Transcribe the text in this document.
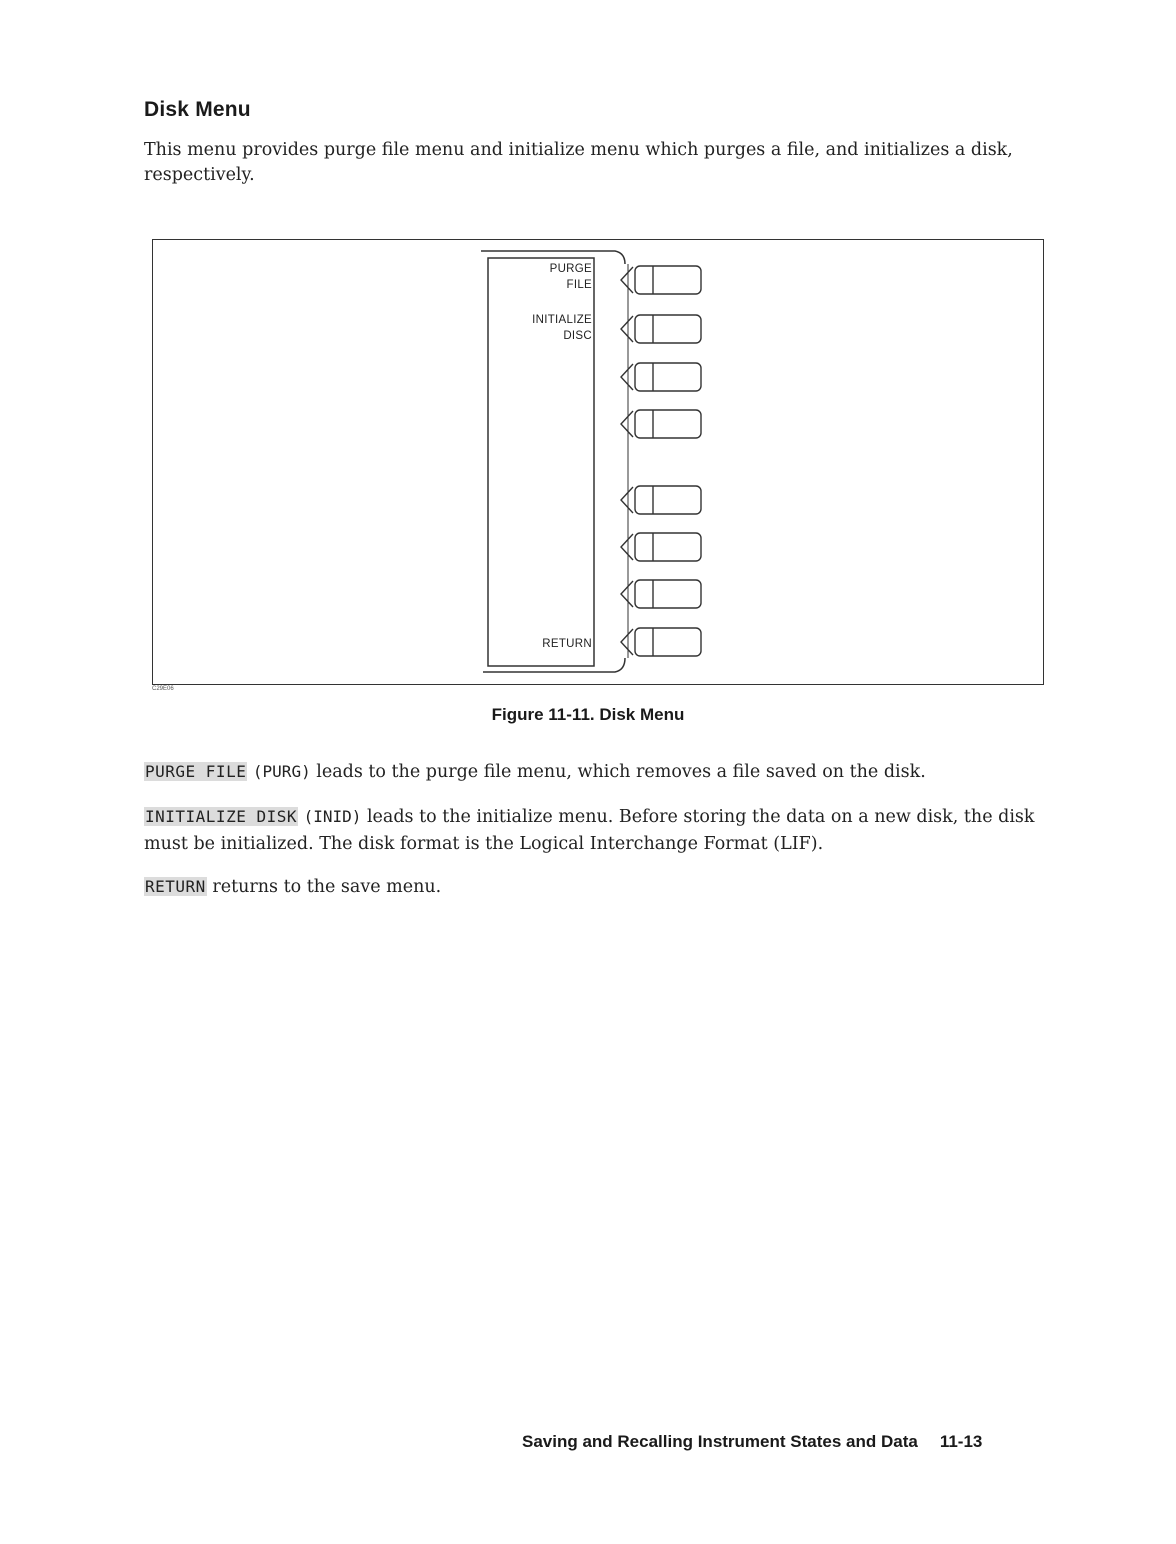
Disk Menu

This menu provides purge file menu and initialize menu which purges a file, and initializes a disk, respectively.

PURGE
FILE
INITIALIZE
DISC
RETURN
C29E06

Figure 11-11. Disk Menu

PURGE FILE (PURG) leads to the purge file menu, which removes a file saved on the disk.

INITIALIZE DISK (INID) leads to the initialize menu. Before storing the data on a new disk, the disk must be initialized. The disk format is the Logical Interchange Format (LIF).

RETURN returns to the save menu.

Saving and Recalling Instrument States and Data 11-13
